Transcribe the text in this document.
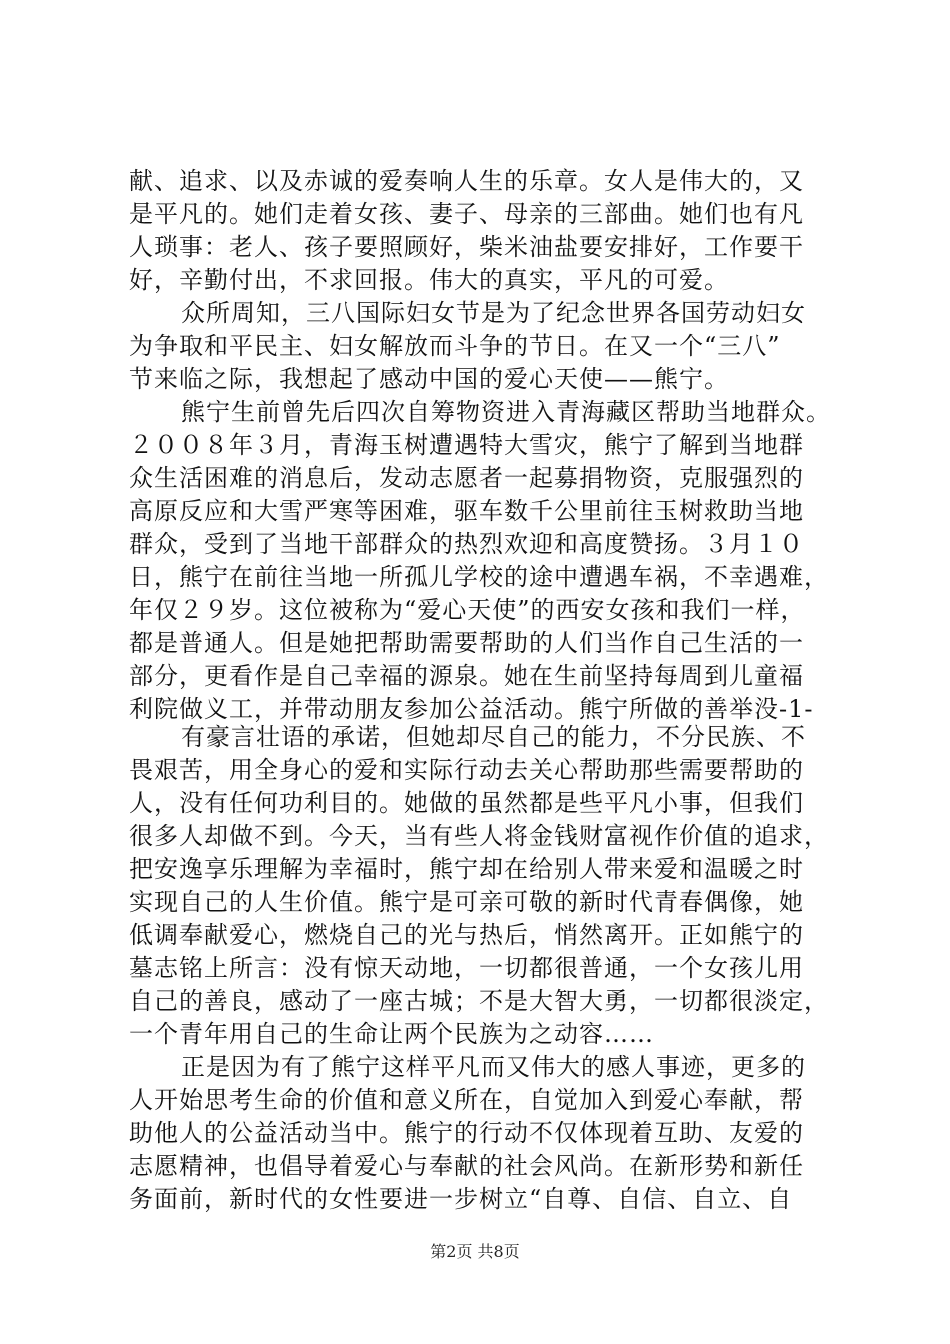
献、追求、以及赤诚的爱奏响人生的乐章。女人是伟大的，又
是平凡的。她们走着女孩、妻子、母亲的三部曲。她们也有凡
人琐事：老人、孩子要照顾好，柴米油盐要安排好，工作要干
好，辛勤付出，不求回报。伟大的真实，平凡的可爱。
众所周知，三八国际妇女节是为了纪念世界各国劳动妇女
为争取和平民主、妇女解放而斗争的节日。在又一个“三八”
节来临之际，我想起了感动中国的爱心天使——熊宁。
熊宁生前曾先后四次自筹物资进入青海藏区帮助当地群众。
２００８年３月，青海玉树遭遇特大雪灾，熊宁了解到当地群
众生活困难的消息后，发动志愿者一起募捐物资，克服强烈的
高原反应和大雪严寒等困难，驱车数千公里前往玉树救助当地
群众，受到了当地干部群众的热烈欢迎和高度赞扬。３月１０
日，熊宁在前往当地一所孤儿学校的途中遭遇车祸，不幸遇难，
年仅２９岁。这位被称为“爱心天使”的西安女孩和我们一样，
都是普通人。但是她把帮助需要帮助的人们当作自己生活的一
部分，更看作是自己幸福的源泉。她在生前坚持每周到儿童福
利院做义工，并带动朋友参加公益活动。熊宁所做的善举没-1-
有豪言壮语的承诺，但她却尽自己的能力，不分民族、不
畏艰苦，用全身心的爱和实际行动去关心帮助那些需要帮助的
人，没有任何功利目的。她做的虽然都是些平凡小事，但我们
很多人却做不到。今天，当有些人将金钱财富视作价值的追求，
把安逸享乐理解为幸福时，熊宁却在给别人带来爱和温暖之时
实现自己的人生价值。熊宁是可亲可敬的新时代青春偶像，她
低调奉献爱心，燃烧自己的光与热后，悄然离开。正如熊宁的
墓志铭上所言：没有惊天动地，一切都很普通，一个女孩儿用
自己的善良，感动了一座古城；不是大智大勇，一切都很淡定，
一个青年用自己的生命让两个民族为之动容……
正是因为有了熊宁这样平凡而又伟大的感人事迹，更多的
人开始思考生命的价值和意义所在，自觉加入到爱心奉献，帮
助他人的公益活动当中。熊宁的行动不仅体现着互助、友爱的
志愿精神，也倡导着爱心与奉献的社会风尚。在新形势和新任
务面前，新时代的女性要进一步树立“自尊、自信、自立、自
第2页 共8页
